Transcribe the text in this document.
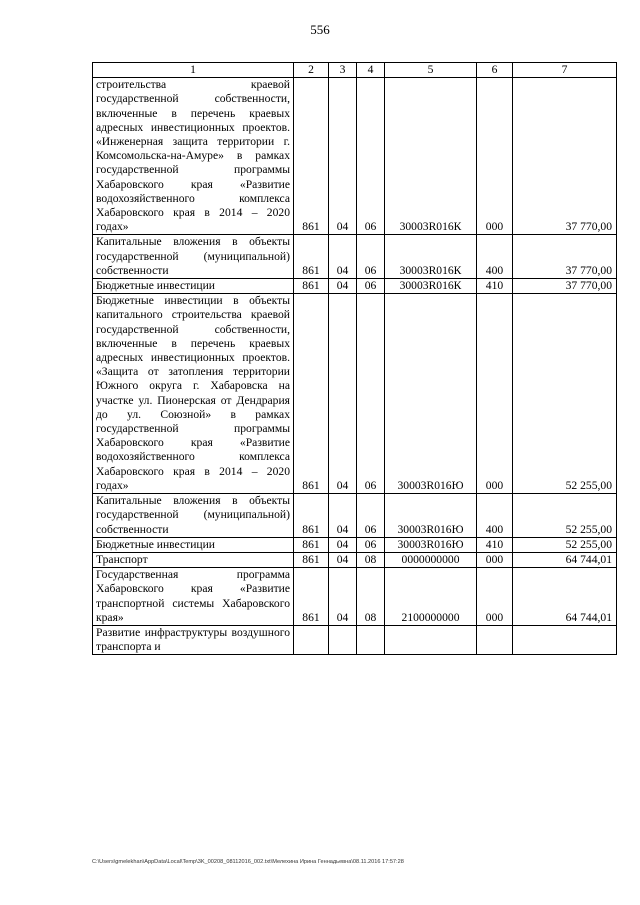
556
1	2	3	4	5	6	7
строительства краевой государственной собственности, включенные в перечень краевых адресных инвестиционных проектов. «Инженерная защита территории г. Комсомольска-на-Амуре» в рамках государственной программы Хабаровского края «Развитие водохозяйственного комплекса Хабаровского края в 2014 – 2020 годах»	861	04	06	30003R016К	000	37 770,00
Капитальные вложения в объекты государственной (муниципальной) собственности	861	04	06	30003R016К	400	37 770,00
Бюджетные инвестиции	861	04	06	30003R016К	410	37 770,00
Бюджетные инвестиции в объекты капитального строительства краевой государственной собственности, включенные в перечень краевых адресных инвестиционных проектов. «Защита от затопления территории Южного округа г. Хабаровска на участке ул. Пионерская от Дендрария до ул. Союзной» в рамках государственной программы Хабаровского края «Развитие водохозяйственного комплекса Хабаровского края в 2014 – 2020 годах»	861	04	06	30003R016Ю	000	52 255,00
Капитальные вложения в объекты государственной (муниципальной) собственности	861	04	06	30003R016Ю	400	52 255,00
Бюджетные инвестиции	861	04	06	30003R016Ю	410	52 255,00
Транспорт	861	04	08	0000000000	000	64 744,01
Государственная программа Хабаровского края «Развитие транспортной системы Хабаровского края»	861	04	08	2100000000	000	64 744,01
Развитие инфраструктуры воздушного транспорта и						
C:\Users\gmelekhan\AppData\Local\Temp\3K_00208_08112016_002.txt\Мелехина Ирина Геннадьевна\08.11.2016 17:57:28
